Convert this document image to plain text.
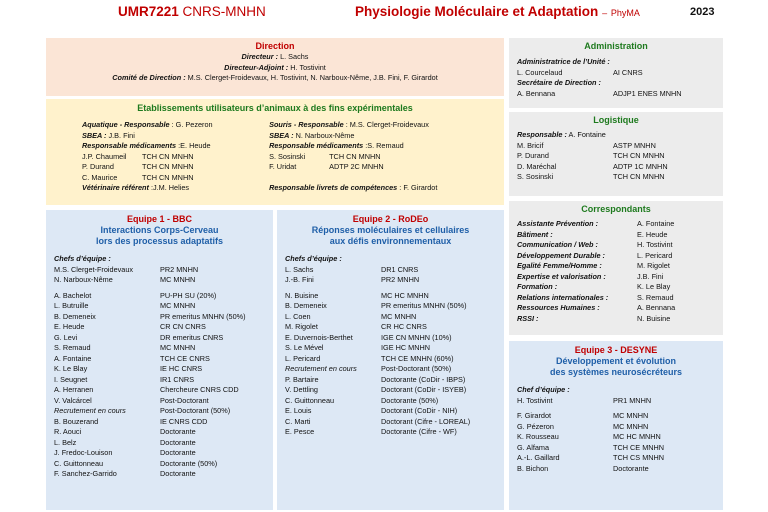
UMR7221 CNRS-MNHN	Physiologie Moléculaire et Adaptation – PhyMA	2023
Direction
Directeur : L. Sachs
Directeur-Adjoint : H. Tostivint
Comité de Direction : M.S. Clerget-Froidevaux, H. Tostivint, N. Narboux-Nême, J.B. Fini, F. Girardot
Etablissements utilisateurs d’animaux à des fins expérimentales
Aquatique - Responsable : G. Pezeron
SBEA : J.B. Fini
Responsable médicaments :E. Heude
J.P. Chaumeil	TCH CN MNHN
P. Durand	TCH CN MNHN
C. Maurice	TCH CN MNHN
Vétérinaire référent :J.M. Helies
Souris - Responsable : M.S. Clerget-Froidevaux
SBEA : N. Narboux-Nême
Responsable médicaments :S. Remaud
S. Sosinski	TCH CN MNHN
F. Uridat	ADTP 2C MNHN
Responsable livrets de compétences : F. Girardot
Equipe 1 - BBC
Interactions Corps-Cerveau
lors des processus adaptatifs
Chefs d’équipe :
M.S. Clerget-Froidevaux	PR2 MNHN
N. Narboux-Nême	MC MNHN
A. Bachelot	PU-PH SU (20%)
L. Butruille	MC MNHN
B. Demeneix	PR emeritus MNHN (50%)
E. Heude	CR CN CNRS
G. Levi	DR emeritus CNRS
S. Remaud	MC MNHN
A. Fontaine	TCH CE CNRS
K. Le Blay	IE HC CNRS
I. Seugnet	IR1 CNRS
A. Herranen	Chercheure CNRS CDD
V. Valcárcel	Post-Doctorant
Recrutement en cours	Post-Doctorant (50%)
B. Bouzerand	IE CNRS CDD
R. Aouci	Doctorante
L. Belz	Doctorante
J. Fredoc-Louison	Doctorante
C. Guittonneau	Doctorante (50%)
F. Sanchez-Garrido	Doctorante
Equipe 2 - RoDEo
Réponses moléculaires et cellulaires
aux défis environnementaux
Chefs d’équipe :
L. Sachs	DR1 CNRS
J.-B. Fini	PR2 MNHN
N. Buisine	MC HC MNHN
B. Demeneix	PR emeritus MNHN (50%)
L. Coen	MC MNHN
M. Rigolet	CR HC CNRS
E. Duvernois-Berthet	IGE CN MNHN (10%)
S. Le Mével	IGE HC MNHN
L. Pericard	TCH CE MNHN (60%)
Recrutement en cours	Post-Doctorant (50%)
P. Bartaire	Doctorante (CoDir - IBPS)
V. Dettling	Doctorant (CoDir - ISYEB)
C. Guittonneau	Doctorante (50%)
E. Louis	Doctorant (CoDir - NIH)
C. Marti	Doctorant (Cifre - LOREAL)
E. Pesce	Doctorante (Cifre - WF)
Administration
Administratrice de l’Unité :
L. Courcelaud	AI CNRS
Secrétaire de Direction :
A. Bennana	ADJP1 ENES MNHN
Logistique
Responsable : A. Fontaine
M. Bricif	ASTP MNHN
P. Durand	TCH CN MNHN
D. Maréchal	ADTP 1C MNHN
S. Sosinski	TCH CN MNHN
Correspondants
Assistante Prévention :	A. Fontaine
Bâtiment :	E. Heude
Communication / Web :	H. Tostivint
Développement Durable :	L. Pericard
Egalité Femme/Homme :	M. Rigolet
Expertise et valorisation :	J.B. Fini
Formation :	K. Le Blay
Relations internationales :	S. Remaud
Ressources Humaines :	A. Bennana
RSSI :	N. Buisine
Equipe 3 - DESYNE
Développement et évolution
des systèmes neurosécréteurs
Chef d’équipe :
H. Tostivint	PR1 MNHN
F. Girardot	MC MNHN
G. Pézeron	MC MNHN
K. Rousseau	MC HC MNHN
G. Alfama	TCH CE MNHN
A.-L. Gaillard	TCH CS MNHN
B. Bichon	Doctorante
